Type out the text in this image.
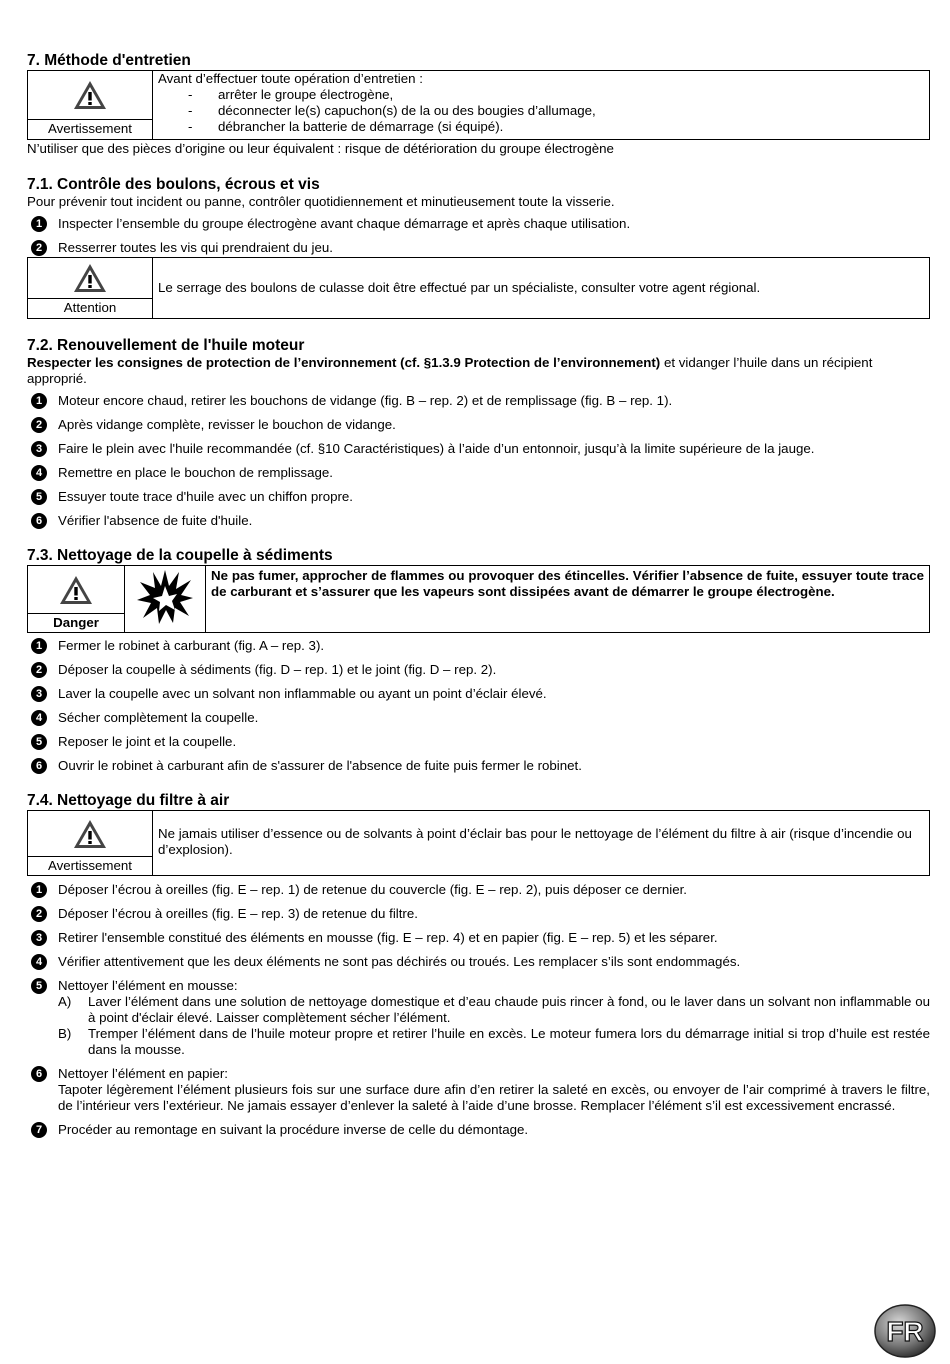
7. Méthode d'entretien
Avertissement

Avant d’effectuer toute opération d’entretien :
- arrêter le groupe électrogène,
- déconnecter le(s) capuchon(s) de la ou des bougies d’allumage,
- débrancher la batterie de démarrage (si équipé).

N’utiliser que des pièces d’origine ou leur équivalent : risque de détérioration du groupe électrogène

7.1. Contrôle des boulons, écrous et vis

Pour prévenir tout incident ou panne, contrôler quotidiennement et minutieusement toute la visserie.

1	Inspecter l’ensemble du groupe électrogène avant chaque démarrage et après chaque utilisation.
2	Resserrer toutes les vis qui prendraient du jeu.
Attention
	Le serrage des boulons de culasse doit être effectué par un spécialiste, consulter votre agent régional.
7.2. Renouvellement de l'huile moteur

Respecter les consignes de protection de l’environnement (cf. §1.3.9 Protection de l’environnement) et vidanger l’huile dans un récipient approprié.

1	Moteur encore chaud, retirer les bouchons de vidange (fig. B – rep. 2) et de remplissage (fig. B – rep. 1).
2	Après vidange complète, revisser le bouchon de vidange.
3	Faire le plein avec l'huile recommandée (cf. §10 Caractéristiques) à l’aide d’un entonnoir, jusqu’à la limite supérieure de la jauge.
4	Remettre en place le bouchon de remplissage.
5	Essuyer toute trace d'huile avec un chiffon propre.
6	Vérifier l'absence de fuite d'huile.
7.3. Nettoyage de la coupelle à sédiments
Danger
		Ne pas fumer, approcher de flammes ou provoquer des étincelles. Vérifier l’absence de fuite, essuyer toute trace de carburant et s’assurer que les vapeurs sont dissipées avant de démarrer le groupe électrogène.
1	Fermer le robinet à carburant (fig. A – rep. 3).
2	Déposer la coupelle à sédiments (fig. D – rep. 1) et le joint (fig. D – rep. 2).
3	Laver la coupelle avec un solvant non inflammable ou ayant un point d’éclair élevé.
4	Sécher complètement la coupelle.
5	Reposer le joint et la coupelle.
6	Ouvrir le robinet à carburant afin de s'assurer de l'absence de fuite puis fermer le robinet.
7.4. Nettoyage du filtre à air
Avertissement
	Ne jamais utiliser d’essence ou de solvants à point d’éclair bas pour le nettoyage de l’élément du filtre à air (risque d’incendie ou d’explosion).
1	Déposer l’écrou à oreilles (fig. E – rep. 1) de retenue du couvercle (fig. E – rep. 2), puis déposer ce dernier.
2	Déposer l’écrou à oreilles (fig. E – rep. 3) de retenue du filtre.
3	Retirer l'ensemble constitué des éléments en mousse (fig. E – rep. 4) et en papier (fig. E – rep. 5) et les séparer.
4	Vérifier attentivement que les deux éléments ne sont pas déchirés ou troués. Les remplacer s’ils sont endommagés.
5	Nettoyer l’élément en mousse:
A) Laver l’élément dans une solution de nettoyage domestique et d’eau chaude puis rincer à fond, ou le laver dans un solvant non inflammable ou à point d'éclair élevé. Laisser complètement sécher l’élément.
B) Tremper l’élément dans de l’huile moteur propre et retirer l’huile en excès. Le moteur fumera lors du démarrage initial si trop d’huile est restée dans la mousse.
6	Nettoyer l’élément en papier:
Tapoter légèrement l’élément plusieurs fois sur une surface dure afin d’en retirer la saleté en excès, ou envoyer de l’air comprimé à travers le filtre, de l’intérieur vers l’extérieur. Ne jamais essayer d’enlever la saleté à l’aide d’une brosse. Remplacer l’élément s’il est excessivement encrassé.
7	Procéder au remontage en suivant la procédure inverse de celle du démontage.
FR
